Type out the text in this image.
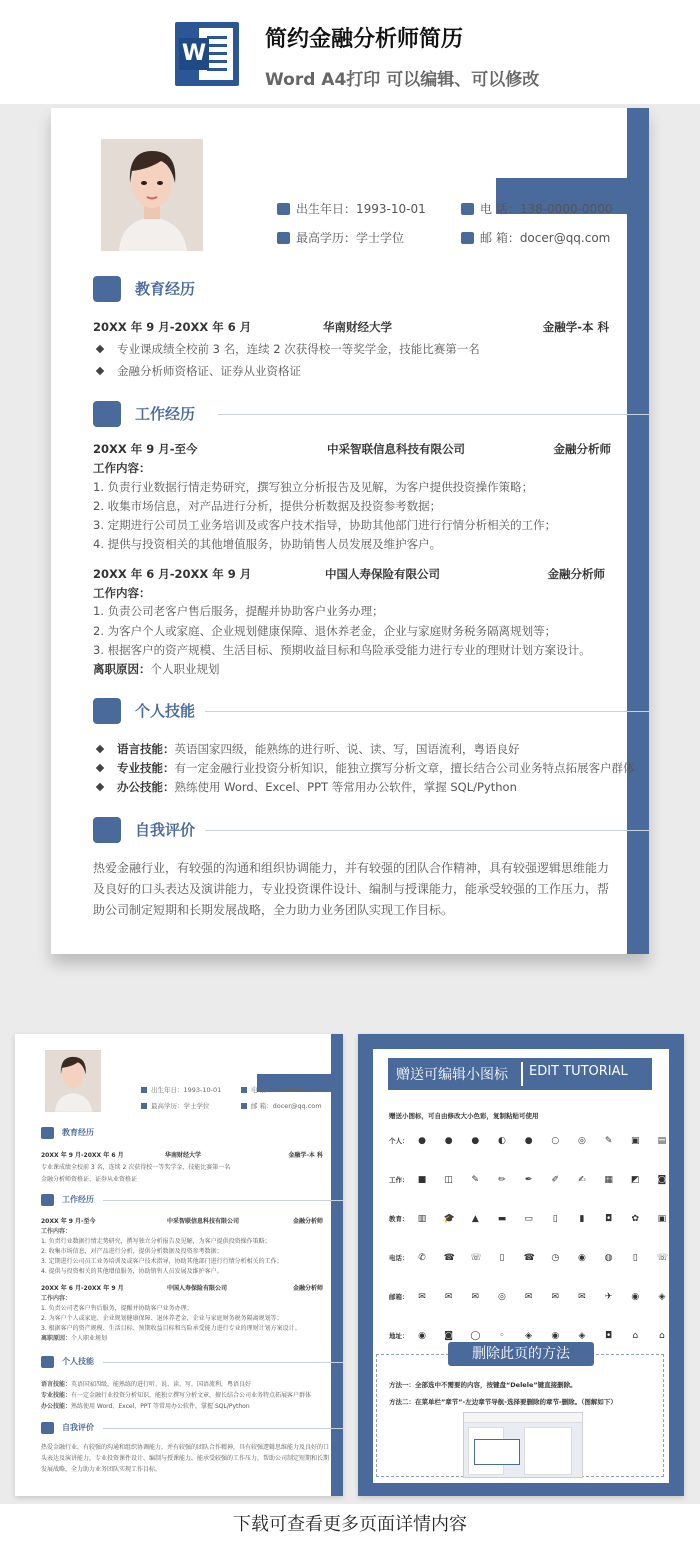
W
简约金融分析师简历
Word A4打印 可以编辑、可以修改
出生年日：1993-10-01	电 话：138-0000-0000
最高学历：学士学位	邮 箱：docer@qq.com
教育经历
20XX 年 9 月-20XX 年 6 月	华南财经大学	金融学-本 科
专业课成绩全校前 3 名，连续 2 次获得校一等奖学金，技能比赛第一名
金融分析师资格证、证券从业资格证
工作经历
20XX 年 9 月-至今	中采智联信息科技有限公司	金融分析师
工作内容：
1. 负责行业数据行情走势研究，撰写独立分析报告及见解，为客户提供投资操作策略；
2. 收集市场信息，对产品进行分析，提供分析数据及投资参考数据；
3. 定期进行公司员工业务培训及或客户技术指导，协助其他部门进行行情分析相关的工作；
4. 提供与投资相关的其他增值服务，协助销售人员发展及维护客户。
20XX 年 6 月-20XX 年 9 月	中国人寿保险有限公司	金融分析师
工作内容：
1. 负责公司老客户售后服务，提醒并协助客户业务办理；
2. 为客户个人或家庭、企业规划健康保障、退休养老金，企业与家庭财务税务隔离规划等；
3. 根据客户的资产规模、生活目标、预期收益目标和鸟险承受能力进行专业的理财计划方案设计。
离职原因：个人职业规划
个人技能
语言技能：英语国家四级，能熟练的进行听、说、读、写，国语流利，粤语良好
专业技能：有一定金融行业投资分析知识，能独立撰写分析文章，擅长结合公司业务特点拓展客户群体
办公技能：熟练使用 Word、Excel、PPT 等常用办公软件，掌握 SQL/Python
自我评价
热爱金融行业，有较强的沟通和组织协调能力，并有较强的团队合作精神，具有较强逻辑思维能力及良好的口头表达及演讲能力，专业投资课件设计、编制与授课能力，能承受较强的工作压力，帮助公司制定短期和长期发展战略，全力助力业务团队实现工作目标。
出生年日：1993-10-01	电 话：138-0000-0000
最高学历：学士学位	邮 箱：docer@qq.com
教育经历
20XX 年 9 月-20XX 年 6 月	华南财经大学	金融学-本 科
专业课成绩全校前 3 名，连续 2 次获得校一等奖学金，技能比赛第一名
金融分析师资格证、证券从业资格证
工作经历
20XX 年 9 月-至今	中采智联信息科技有限公司	金融分析师
工作内容：
1. 负责行业数据行情走势研究，撰写独立分析报告及见解，为客户提供投资操作策略；
2. 收集市场信息，对产品进行分析，提供分析数据及投资参考数据；
3. 定期进行公司员工业务培训及或客户技术指导，协助其他部门进行行情分析相关的工作；
4. 提供与投资相关的其他增值服务，协助销售人员发展及维护客户。
20XX 年 6 月-20XX 年 9 月	中国人寿保险有限公司	金融分析师
工作内容：
1. 负责公司老客户售后服务，提醒并协助客户业务办理；
2. 为客户个人或家庭、企业规划健康保障、退休养老金，企业与家庭财务税务隔离规划等；
3. 根据客户的资产规模、生活目标、预期收益目标和鸟险承受能力进行专业的理财计划方案设计。
离职原因：个人职业规划
个人技能
语言技能：英语国家四级，能熟练的进行听、说、读、写，国语流利，粤语良好
专业技能：有一定金融行业投资分析知识，能独立撰写分析文章，擅长结合公司业务特点拓展客户群体
办公技能：熟练使用 Word、Excel、PPT 等常用办公软件，掌握 SQL/Python
自我评价
热爱金融行业，有较强的沟通和组织协调能力，并有较强的团队合作精神，具有较强逻辑思维能力及良好的口头表达及演讲能力，专业投资课件设计、编制与授课能力，能承受较强的工作压力，帮助公司制定短期和长期发展战略，全力助力业务团队实现工作目标。
赠送可编辑小图标 EDIT TUTORIAL
赠送小图标，可自由修改大小色彩，复制粘贴可使用
个人： ● ● ● ◐ ● ○ ◎ ✎ ▣ ▤
工作： ■ ◫ ✎ ✏ ✒ ✐ ✍ ▦ ◩ ◙
教育： ▥ 🎓 ▲ ▬ ▭ ▯ ▮ ◘ ✿ ▣
电话： ✆ ☎ ☏ ▯ ☎ ◷ ◉ ◍ ▯ ☏
邮箱： ✉ ✉ ✉ ◎ ✉ ✉ ✉ ✈ ◉ ◈
地址： ◉ ◙ ◯ ◦ ◈ ◉ ◈ ◘ ⌂ ⌂
删除此页的方法
方法一：全部选中不需要的内容，按键盘“Delele”键直接删除。
方法二：在菜单栏”章节”-左边章节导航-选择要删除的章节-删除。（图解如下）
下载可查看更多页面详情内容
